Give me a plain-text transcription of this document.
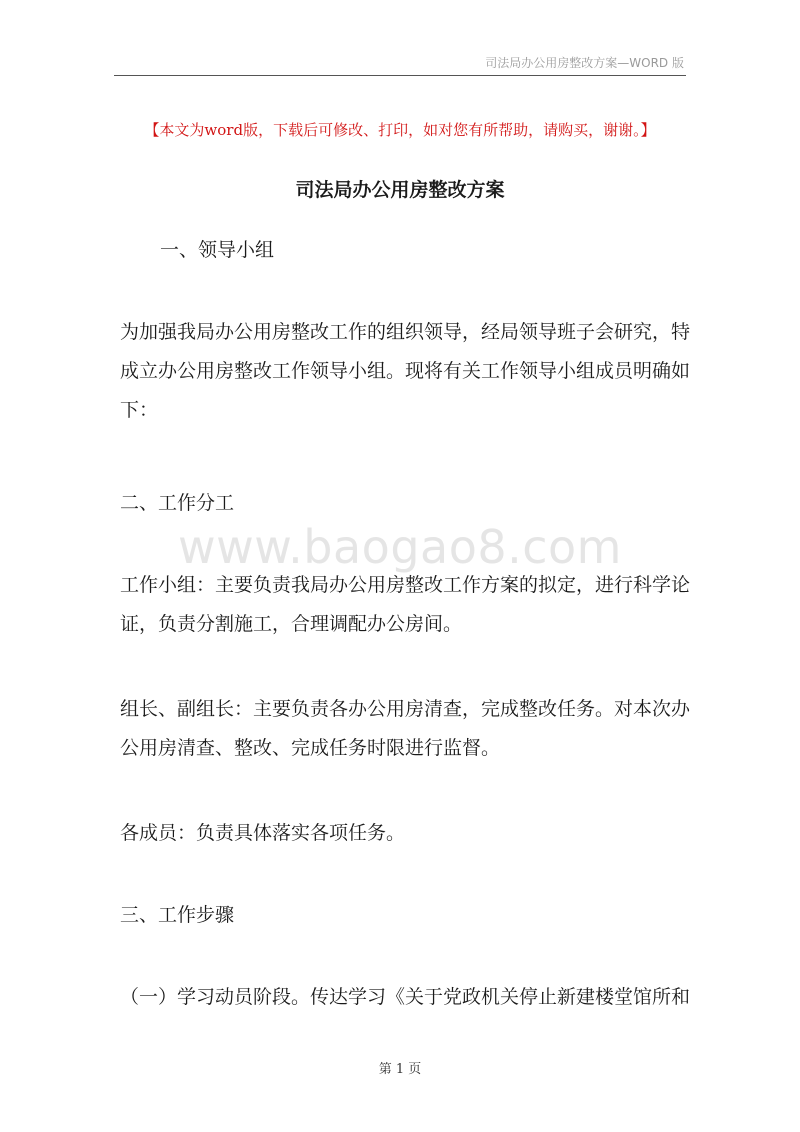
司法局办公用房整改方案—WORD 版
【本文为word版，下载后可修改、打印，如对您有所帮助，请购买，谢谢。】
司法局办公用房整改方案

一、领导小组

为加强我局办公用房整改工作的组织领导，经局领导班子会研究，特成立办公用房整改工作领导小组。现将有关工作领导小组成员明确如下：

二、工作分工

www.baogao8.com

工作小组：主要负责我局办公用房整改工作方案的拟定，进行科学论证，负责分割施工，合理调配办公房间。

组长、副组长：主要负责各办公用房清查，完成整改任务。对本次办公用房清查、整改、完成任务时限进行监督。

各成员：负责具体落实各项任务。

三、工作步骤

（一）学习动员阶段。传达学习《关于党政机关停止新建楼堂馆所和

第 1 页
